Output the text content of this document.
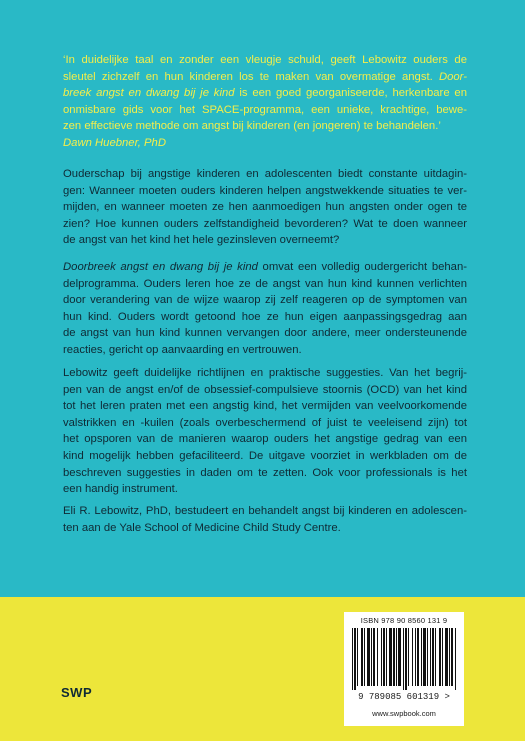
‘In duidelijke taal en zonder een vleugje schuld, geeft Lebowitz ouders de
sleutel zichzelf en hun kinderen los te maken van overmatige angst. Door-
breek angst en dwang bij je kind is een goed georganiseerde, herkenbare en
onmisbare gids voor het SPACE-programma, een unieke, krachtige, bewe-
zen effectieve methode om angst bij kinderen (en jongeren) te behandelen.’
Dawn Huebner, PhD
Ouderschap bij angstige kinderen en adolescenten biedt constante uitdagin-
gen: Wanneer moeten ouders kinderen helpen angstwekkende situaties te ver-
mijden, en wanneer moeten ze hen aanmoedigen hun angsten onder ogen te
zien? Hoe kunnen ouders zelfstandigheid bevorderen? Wat te doen wanneer
de angst van het kind het hele gezinsleven overneemt?
Doorbreek angst en dwang bij je kind omvat een volledig oudergericht behan-
delprogramma. Ouders leren hoe ze de angst van hun kind kunnen verlichten
door verandering van de wijze waarop zij zelf reageren op de symptomen van
hun kind. Ouders wordt getoond hoe ze hun eigen aanpassingsgedrag aan
de angst van hun kind kunnen vervangen door andere, meer ondersteunende
reacties, gericht op aanvaarding en vertrouwen.
Lebowitz geeft duidelijke richtlijnen en praktische suggesties. Van het begrij-
pen van de angst en/of de obsessief-compulsieve stoornis (OCD) van het kind
tot het leren praten met een angstig kind, het vermijden van veelvoorkomende
valstrikken en -kuilen (zoals overbeschermend of juist te veeleisend zijn) tot
het opsporen van de manieren waarop ouders het angstige gedrag van een
kind mogelijk hebben gefaciliteerd. De uitgave voorziet in werkbladen om de
beschreven suggesties in daden om te zetten. Ook voor professionals is het
een handig instrument.
Eli R. Lebowitz, PhD, bestudeert en behandelt angst bij kinderen en adolescen-
ten aan de Yale School of Medicine Child Study Centre.
SWP
ISBN 978 90 8560 131 9
9 789085 601319 >
www.swpbook.com
